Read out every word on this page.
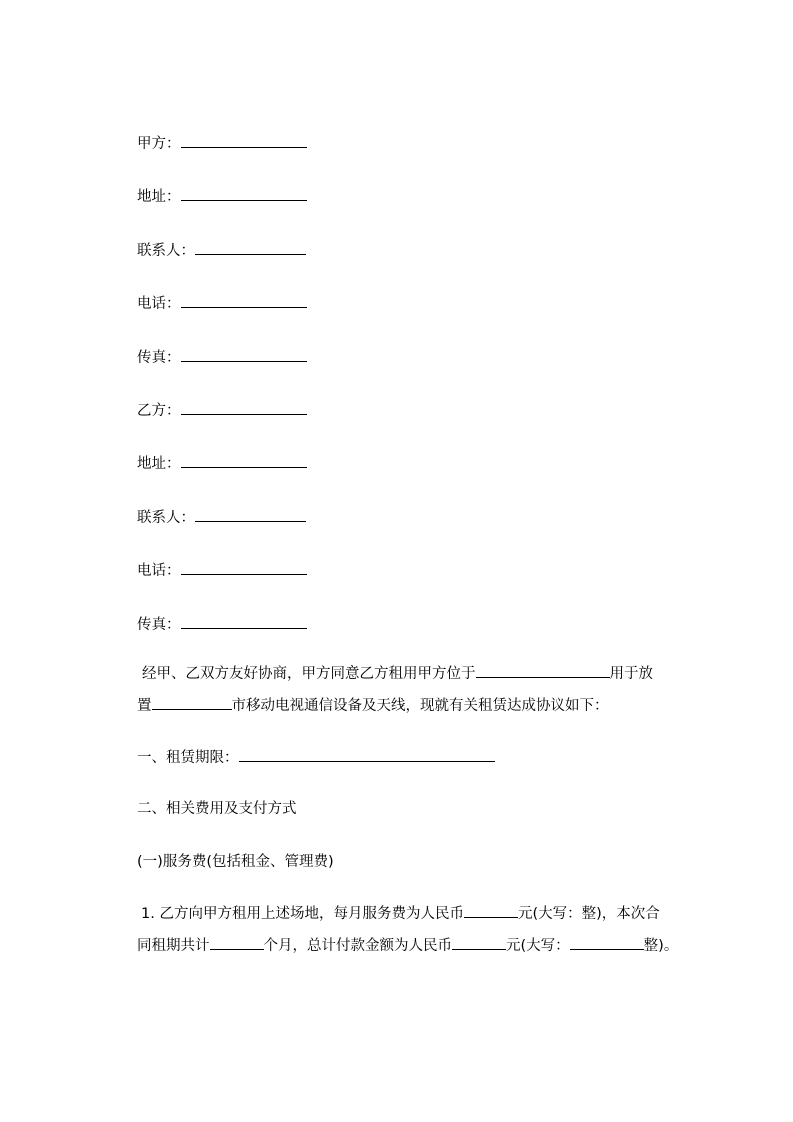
甲方：
地址：
联系人：
电话：
传真：
乙方：
地址：
联系人：
电话：
传真：
经甲、乙双方友好协商，甲方同意乙方租用甲方位于	用于放
置	市移动电视通信设备及天线，现就有关租赁达成协议如下：
一、租赁期限：
二、相关费用及支付方式
(一)服务费(包括租金、管理费)
1. 乙方向甲方租用上述场地，每月服务费为人民币	元(大写：整)，本次合
同租期共计	个月，总计付款金额为人民币	元(大写：	整)。
